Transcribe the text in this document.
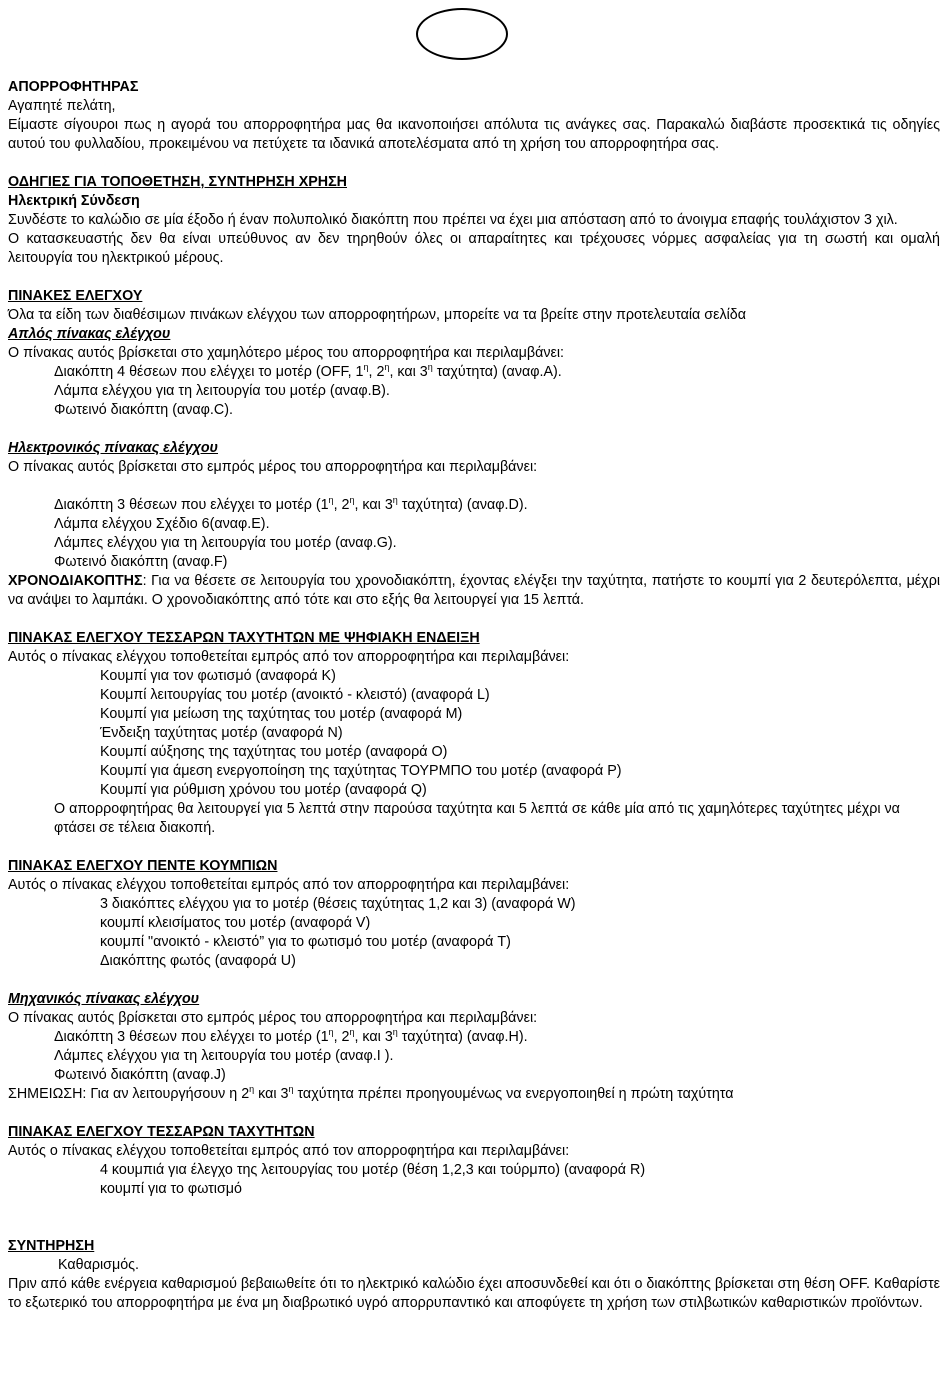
ΑΠΟΡΡΟΦΗΤΗΡΑΣ

Αγαπητέ πελάτη,

Είμαστε σίγουροι πως η αγορά του απορροφητήρα μας θα ικανοποιήσει απόλυτα τις ανάγκες σας. Παρακαλώ διαβάστε προσεκτικά τις οδηγίες αυτού του φυλλαδίου, προκειμένου να πετύχετε τα ιδανικά αποτελέσματα από τη χρήση του απορροφητήρα σας.

ΟΔΗΓΙΕΣ ΓΙΑ ΤΟΠΟΘΕΤΗΣΗ, ΣΥΝΤΗΡΗΣΗ ΧΡΗΣΗ

Ηλεκτρική Σύνδεση

Συνδέστε το καλώδιο σε μία έξοδο ή έναν πολυπολικό διακόπτη που πρέπει να έχει μια απόσταση από το άνοιγμα επαφής τουλάχιστον 3 χιλ.

Ο κατασκευαστής δεν θα είναι υπεύθυνος αν δεν τηρηθούν όλες οι απαραίτητες και τρέχουσες νόρμες ασφαλείας για τη σωστή και ομαλή λειτουργία του ηλεκτρικού μέρους.

ΠΙΝΑΚΕΣ ΕΛΕΓΧΟΥ

Όλα τα είδη των διαθέσιμων πινάκων ελέγχου των απορροφητήρων, μπορείτε να τα βρείτε στην προτελευταία σελίδα

Απλός πίνακας ελέγχου

Ο πίνακας αυτός βρίσκεται στο χαμηλότερο μέρος του απορροφητήρα και περιλαμβάνει:

Διακόπτη 4 θέσεων που ελέγχει το μοτέρ (OFF, $1^\eta$, $2^\eta$, και $3^\eta$ ταχύτητα) (αναφ.A).

Λάμπα ελέγχου για τη λειτουργία του μοτέρ (αναφ.B).

Φωτεινό διακόπτη (αναφ.C).

Ηλεκτρονικός πίνακας ελέγχου

Ο πίνακας αυτός βρίσκεται στο εμπρός μέρος του απορροφητήρα και περιλαμβάνει:

Διακόπτη 3 θέσεων που ελέγχει το μοτέρ ($1^\eta$, $2^\eta$, και $3^\eta$ ταχύτητα) (αναφ.D).

Λάμπα ελέγχου Σχέδιο 6(αναφ.E).

Λάμπες ελέγχου για τη λειτουργία του μοτέρ (αναφ.G).

Φωτεινό διακόπτη (αναφ.F)

ΧΡΟΝΟΔΙΑΚΟΠΤΗΣ: Για να θέσετε σε λειτουργία του χρονοδιακόπτη, έχοντας ελέγξει την ταχύτητα, πατήστε το κουμπί για 2 δευτερόλεπτα, μέχρι να ανάψει το λαμπάκι. Ο χρονοδιακόπτης από τότε και στο εξής θα λειτουργεί για 15 λεπτά.

ΠΙΝΑΚΑΣ ΕΛΕΓΧΟΥ ΤΕΣΣΑΡΩΝ ΤΑΧΥΤΗΤΩΝ ΜΕ ΨΗΦΙΑΚΗ ΕΝΔΕΙΞΗ

Αυτός ο πίνακας ελέγχου τοποθετείται εμπρός από τον απορροφητήρα και περιλαμβάνει:

Κουμπί για τον φωτισμό (αναφορά K)

Κουμπί λειτουργίας του μοτέρ (ανοικτό - κλειστό) (αναφορά L)

Κουμπί για μείωση της ταχύτητας του μοτέρ (αναφορά M)

Ένδειξη ταχύτητας μοτέρ (αναφορά N)

Κουμπί αύξησης της ταχύτητας του μοτέρ (αναφορά O)

Κουμπί για άμεση ενεργοποίηση της ταχύτητας ΤΟΥΡΜΠΟ του μοτέρ (αναφορά P)

Κουμπί για ρύθμιση χρόνου του μοτέρ (αναφορά Q)

Ο απορροφητήρας θα λειτουργεί για 5 λεπτά στην παρούσα ταχύτητα και 5 λεπτά σε κάθε μία από τις χαμηλότερες ταχύτητες μέχρι να φτάσει σε τέλεια διακοπή.

ΠΙΝΑΚΑΣ ΕΛΕΓΧΟΥ ΠΕΝΤΕ ΚΟΥΜΠΙΩΝ

Αυτός ο πίνακας ελέγχου τοποθετείται εμπρός από τον απορροφητήρα και περιλαμβάνει:

3 διακόπτες ελέγχου για το μοτέρ (θέσεις ταχύτητας 1,2 και 3) (αναφορά W)

κουμπί κλεισίματος του μοτέρ (αναφορά V)

κουμπί "ανοικτό - κλειστό” για το φωτισμό του μοτέρ (αναφορά T)

Διακόπτης φωτός (αναφορά U)

Μηχανικός πίνακας ελέγχου

Ο πίνακας αυτός βρίσκεται στο εμπρός μέρος του απορροφητήρα και περιλαμβάνει:

Διακόπτη 3 θέσεων που ελέγχει το μοτέρ ($1^\eta$, $2^\eta$, και $3^\eta$ ταχύτητα) (αναφ.H).

Λάμπες ελέγχου για τη λειτουργία του μοτέρ (αναφ.I ).

Φωτεινό διακόπτη (αναφ.J)

ΣΗΜΕΙΩΣΗ: Για αν λειτουργήσουν η $2^\eta$ και $3^\eta$ ταχύτητα πρέπει προηγουμένως να ενεργοποιηθεί η πρώτη ταχύτητα

ΠΙΝΑΚΑΣ ΕΛΕΓΧΟΥ ΤΕΣΣΑΡΩΝ ΤΑΧΥΤΗΤΩΝ

Αυτός ο πίνακας ελέγχου τοποθετείται εμπρός από τον απορροφητήρα και περιλαμβάνει:

4 κουμπιά για έλεγχο της λειτουργίας του μοτέρ (θέση 1,2,3 και τούρμπο) (αναφορά R)

κουμπί για το φωτισμό

ΣΥΝΤΗΡΗΣΗ

Καθαρισμός.

Πριν από κάθε ενέργεια καθαρισμού βεβαιωθείτε ότι το ηλεκτρικό καλώδιο έχει αποσυνδεθεί και ότι ο διακόπτης βρίσκεται στη θέση OFF. Καθαρίστε το εξωτερικό του απορροφητήρα με ένα μη διαβρωτικό υγρό απορρυπαντικό και αποφύγετε τη χρήση των στιλβωτικών καθαριστικών προϊόντων.
